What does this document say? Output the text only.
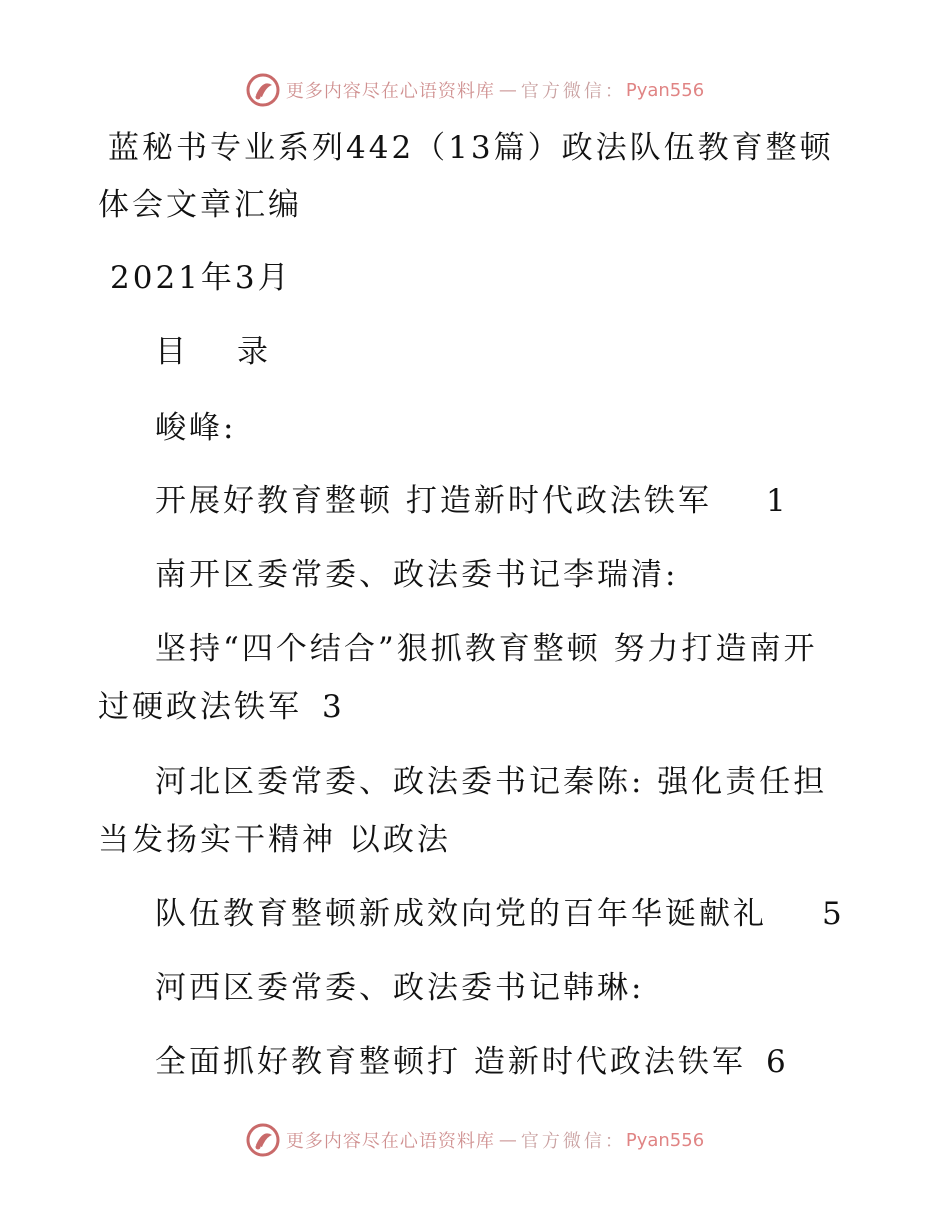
更多内容尽在心语资料库 — 官方微信： Pyan556
蓝秘书专业系列442（13篇）政法队伍教育整顿
体会文章汇编
2021年3月
目　录
峻峰:
开展好教育整顿 打造新时代政法铁军 1
南开区委常委、政法委书记李瑞清:
坚持“四个结合”狠抓教育整顿 努力打造南开
过硬政法铁军 3
河北区委常委、政法委书记秦陈: 强化责任担
当发扬实干精神 以政法
队伍教育整顿新成效向党的百年华诞献礼 5
河西区委常委、政法委书记韩琳:
全面抓好教育整顿打 造新时代政法铁军 6
更多内容尽在心语资料库 — 官方微信： Pyan556
